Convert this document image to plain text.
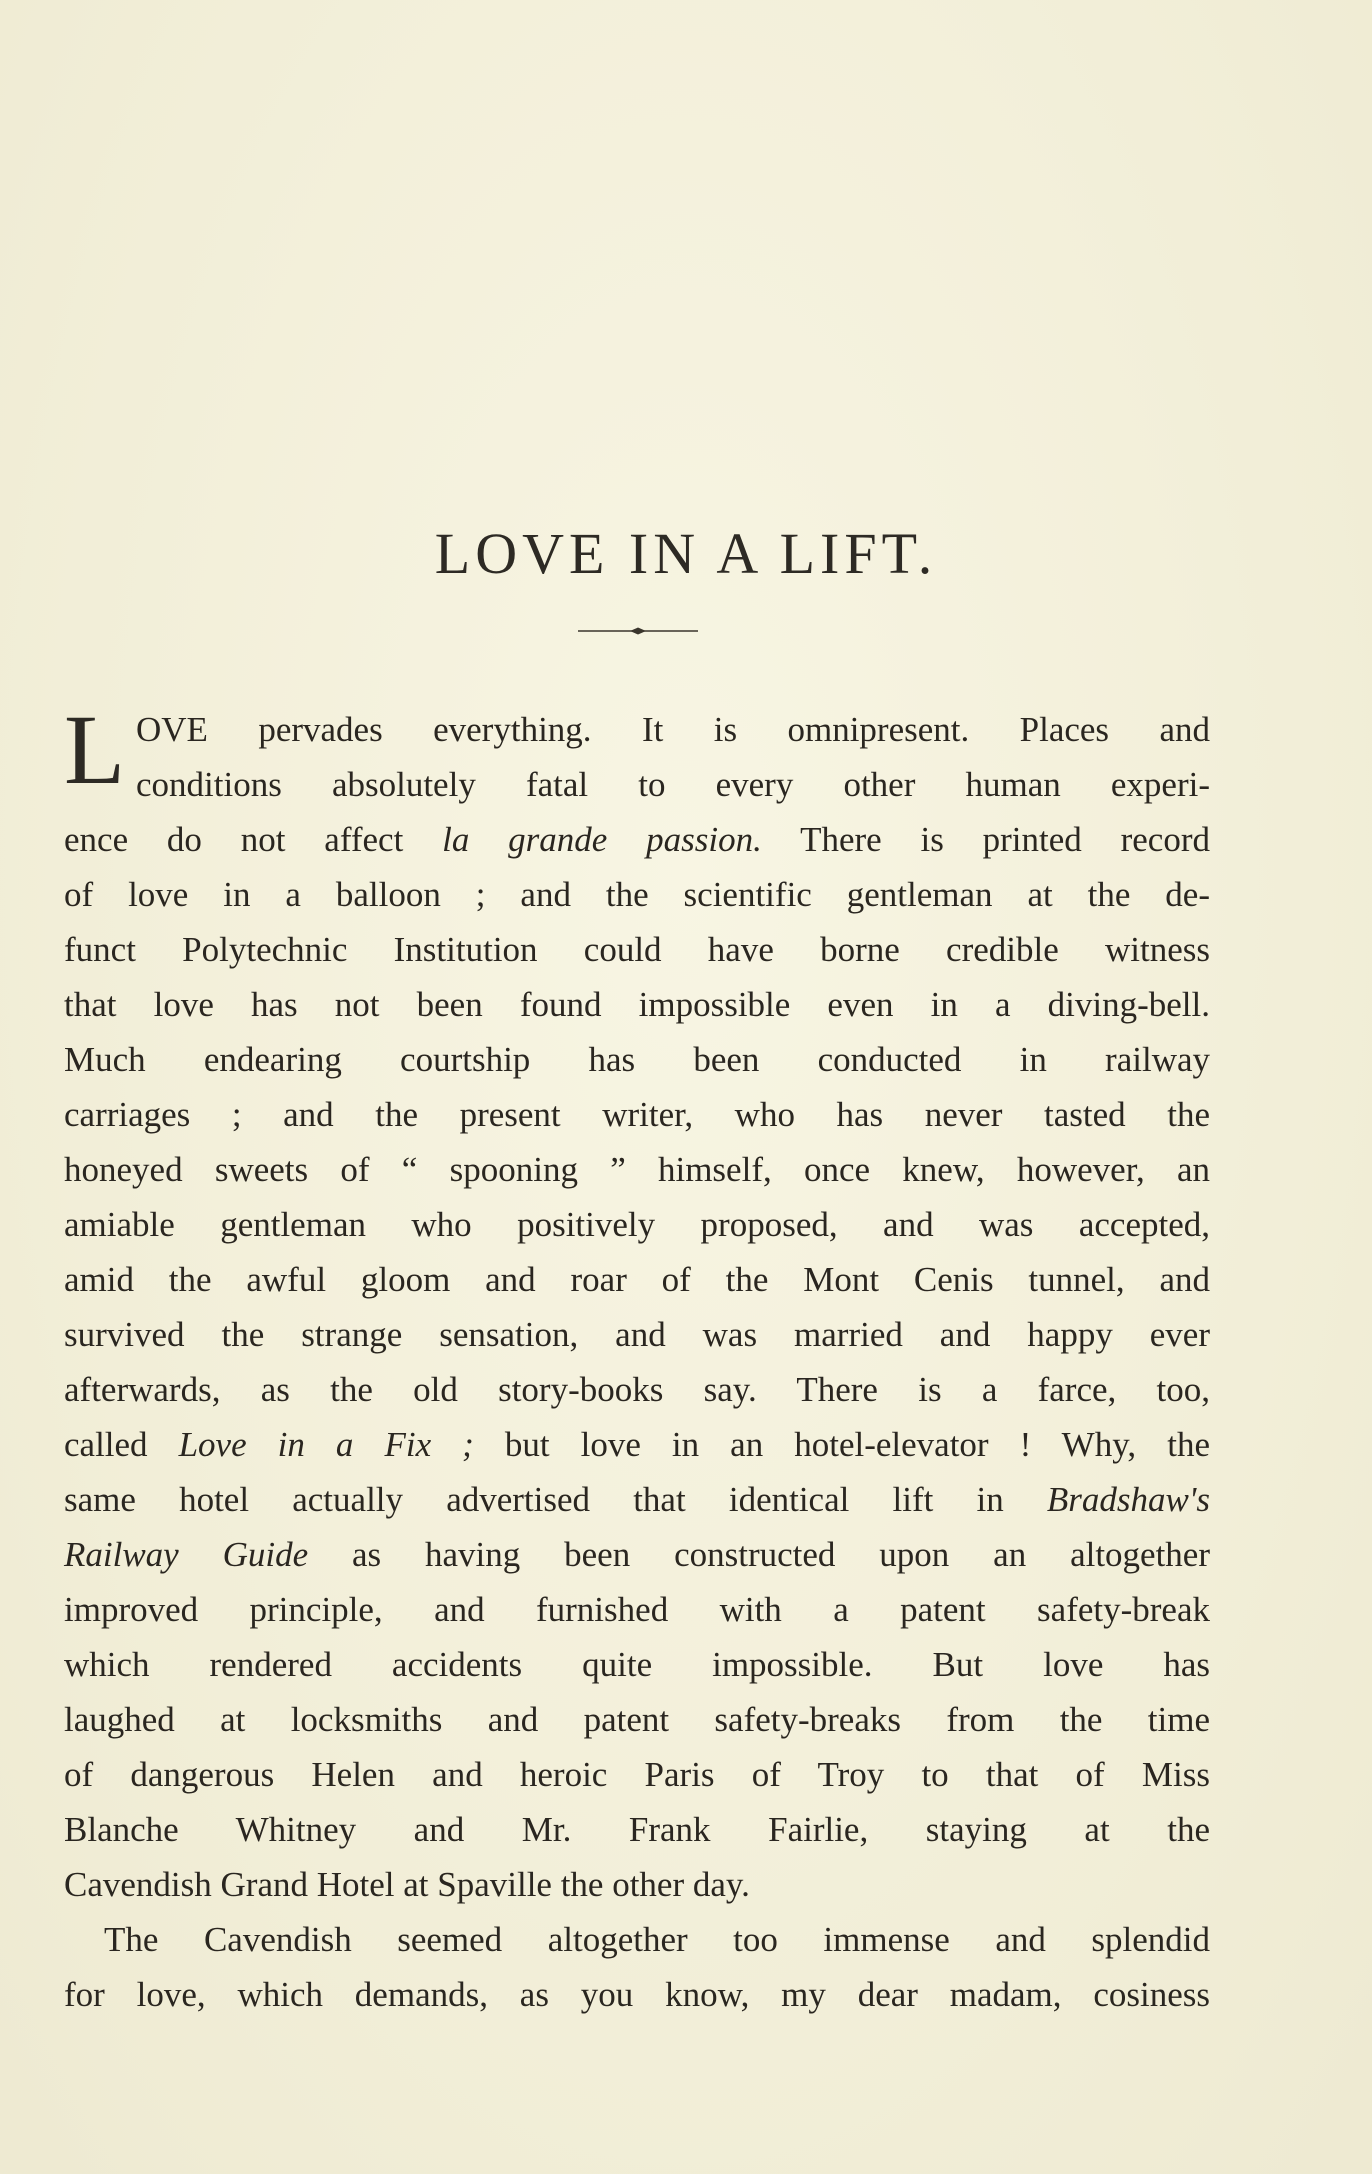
LOVE IN A LIFT.
L OVE pervades everything. It is omnipresent. Places and
conditions absolutely fatal to every other human experi-
ence do not affect la grande passion. There is printed record
of love in a balloon ; and the scientific gentleman at the de-
funct Polytechnic Institution could have borne credible witness
that love has not been found impossible even in a diving-bell.
Much endearing courtship has been conducted in railway
carriages ; and the present writer, who has never tasted the
honeyed sweets of “ spooning ” himself, once knew, however, an
amiable gentleman who positively proposed, and was accepted,
amid the awful gloom and roar of the Mont Cenis tunnel, and
survived the strange sensation, and was married and happy ever
afterwards, as the old story-books say. There is a farce, too,
called Love in a Fix ; but love in an hotel-elevator ! Why, the
same hotel actually advertised that identical lift in Bradshaw's
Railway Guide as having been constructed upon an altogether
improved principle, and furnished with a patent safety-break
which rendered accidents quite impossible. But love has
laughed at locksmiths and patent safety-breaks from the time
of dangerous Helen and heroic Paris of Troy to that of Miss
Blanche Whitney and Mr. Frank Fairlie, staying at the
Cavendish Grand Hotel at Spaville the other day.
The Cavendish seemed altogether too immense and splendid
for love, which demands, as you know, my dear madam, cosiness
